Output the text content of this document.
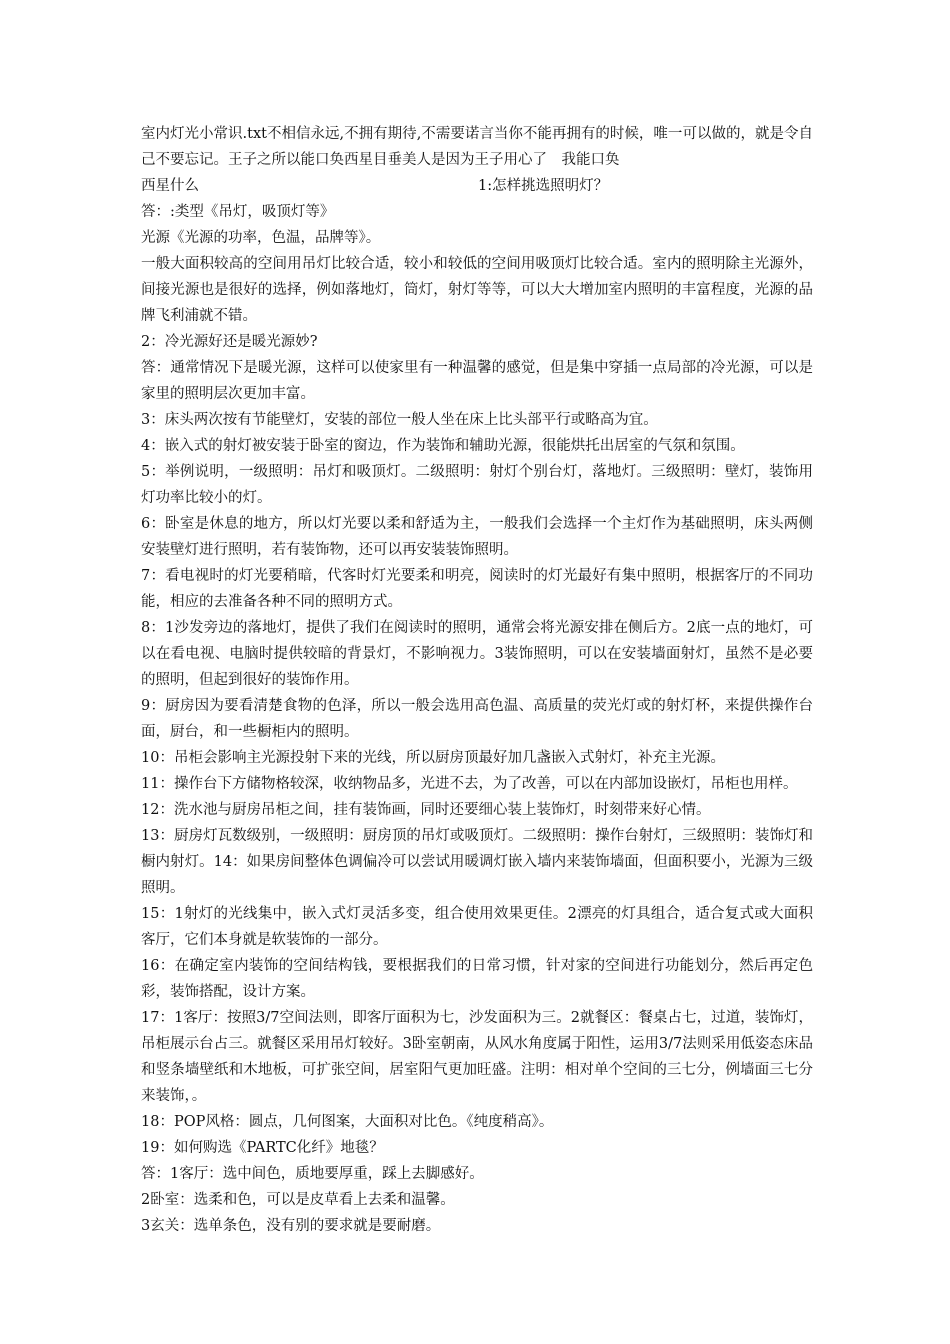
室内灯光小常识.txt不相信永远,不拥有期待,不需要诺言当你不能再拥有的时候，唯一可以做的，就是令自己不要忘记。王子之所以能口奂西星目垂美人是因为王子用心了　我能口奂

西星什么	1:怎样挑选照明灯？

答：:类型《吊灯，吸顶灯等》

光源《光源的功率，色温，品牌等》。

一般大面积较高的空间用吊灯比较合适，较小和较低的空间用吸顶灯比较合适。室内的照明除主光源外，间接光源也是很好的选择，例如落地灯，筒灯，射灯等等，可以大大增加室内照明的丰富程度，光源的品牌飞利浦就不错。

2：冷光源好还是暖光源妙?

答：通常情况下是暖光源，这样可以使家里有一种温馨的感觉，但是集中穿插一点局部的冷光源，可以是家里的照明层次更加丰富。

3：床头两次按有节能壁灯，安装的部位一般人坐在床上比头部平行或略高为宜。

4：嵌入式的射灯被安装于卧室的窗边，作为装饰和辅助光源，很能烘托出居室的气氛和氛围。

5：举例说明，一级照明：吊灯和吸顶灯。二级照明：射灯个别台灯，落地灯。三级照明：壁灯，装饰用灯功率比较小的灯。

6：卧室是休息的地方，所以灯光要以柔和舒适为主，一般我们会选择一个主灯作为基础照明，床头两侧安装壁灯进行照明，若有装饰物，还可以再安装装饰照明。

7：看电视时的灯光要稍暗，代客时灯光要柔和明亮，阅读时的灯光最好有集中照明，根据客厅的不同功能，相应的去准备各种不同的照明方式。

8：1沙发旁边的落地灯，提供了我们在阅读时的照明，通常会将光源安排在侧后方。2底一点的地灯，可以在看电视、电脑时提供较暗的背景灯，不影响视力。3装饰照明，可以在安装墙面射灯，虽然不是必要的照明，但起到很好的装饰作用。

9：厨房因为要看清楚食物的色泽，所以一般会选用高色温、高质量的荧光灯或的射灯杯，来提供操作台面，厨台，和一些橱柜内的照明。

10：吊柜会影响主光源投射下来的光线，所以厨房顶最好加几盏嵌入式射灯，补充主光源。

11：操作台下方储物格较深，收纳物品多，光进不去，为了改善，可以在内部加设嵌灯，吊柜也用样。

12：洗水池与厨房吊柜之间，挂有装饰画，同时还要细心装上装饰灯，时刻带来好心情。

13：厨房灯瓦数级别，一级照明：厨房顶的吊灯或吸顶灯。二级照明：操作台射灯，三级照明：装饰灯和橱内射灯。14：如果房间整体色调偏冷可以尝试用暖调灯嵌入墙内来装饰墙面，但面积要小，光源为三级照明。

15：1射灯的光线集中，嵌入式灯灵活多变，组合使用效果更佳。2漂亮的灯具组合，适合复式或大面积客厅，它们本身就是软装饰的一部分。

16：在确定室内装饰的空间结构钱，要根据我们的日常习惯，针对家的空间进行功能划分，然后再定色彩，装饰搭配，设计方案。

17：1客厅：按照3/7空间法则，即客厅面积为七，沙发面积为三。2就餐区：餐桌占七，过道，装饰灯，吊柜展示台占三。就餐区采用吊灯较好。3卧室朝南，从风水角度属于阳性，运用3/7法则采用低姿态床品和竖条墙壁纸和木地板，可扩张空间，居室阳气更加旺盛。注明：相对单个空间的三七分，例墙面三七分来装饰，。

18：POP风格：圆点，几何图案，大面积对比色。《纯度稍高》。

19：如何购选《PARTC化纤》地毯？

答：1客厅：选中间色，质地要厚重，踩上去脚感好。

2卧室：选柔和色，可以是皮草看上去柔和温馨。

3玄关：选单条色，没有别的要求就是要耐磨。
